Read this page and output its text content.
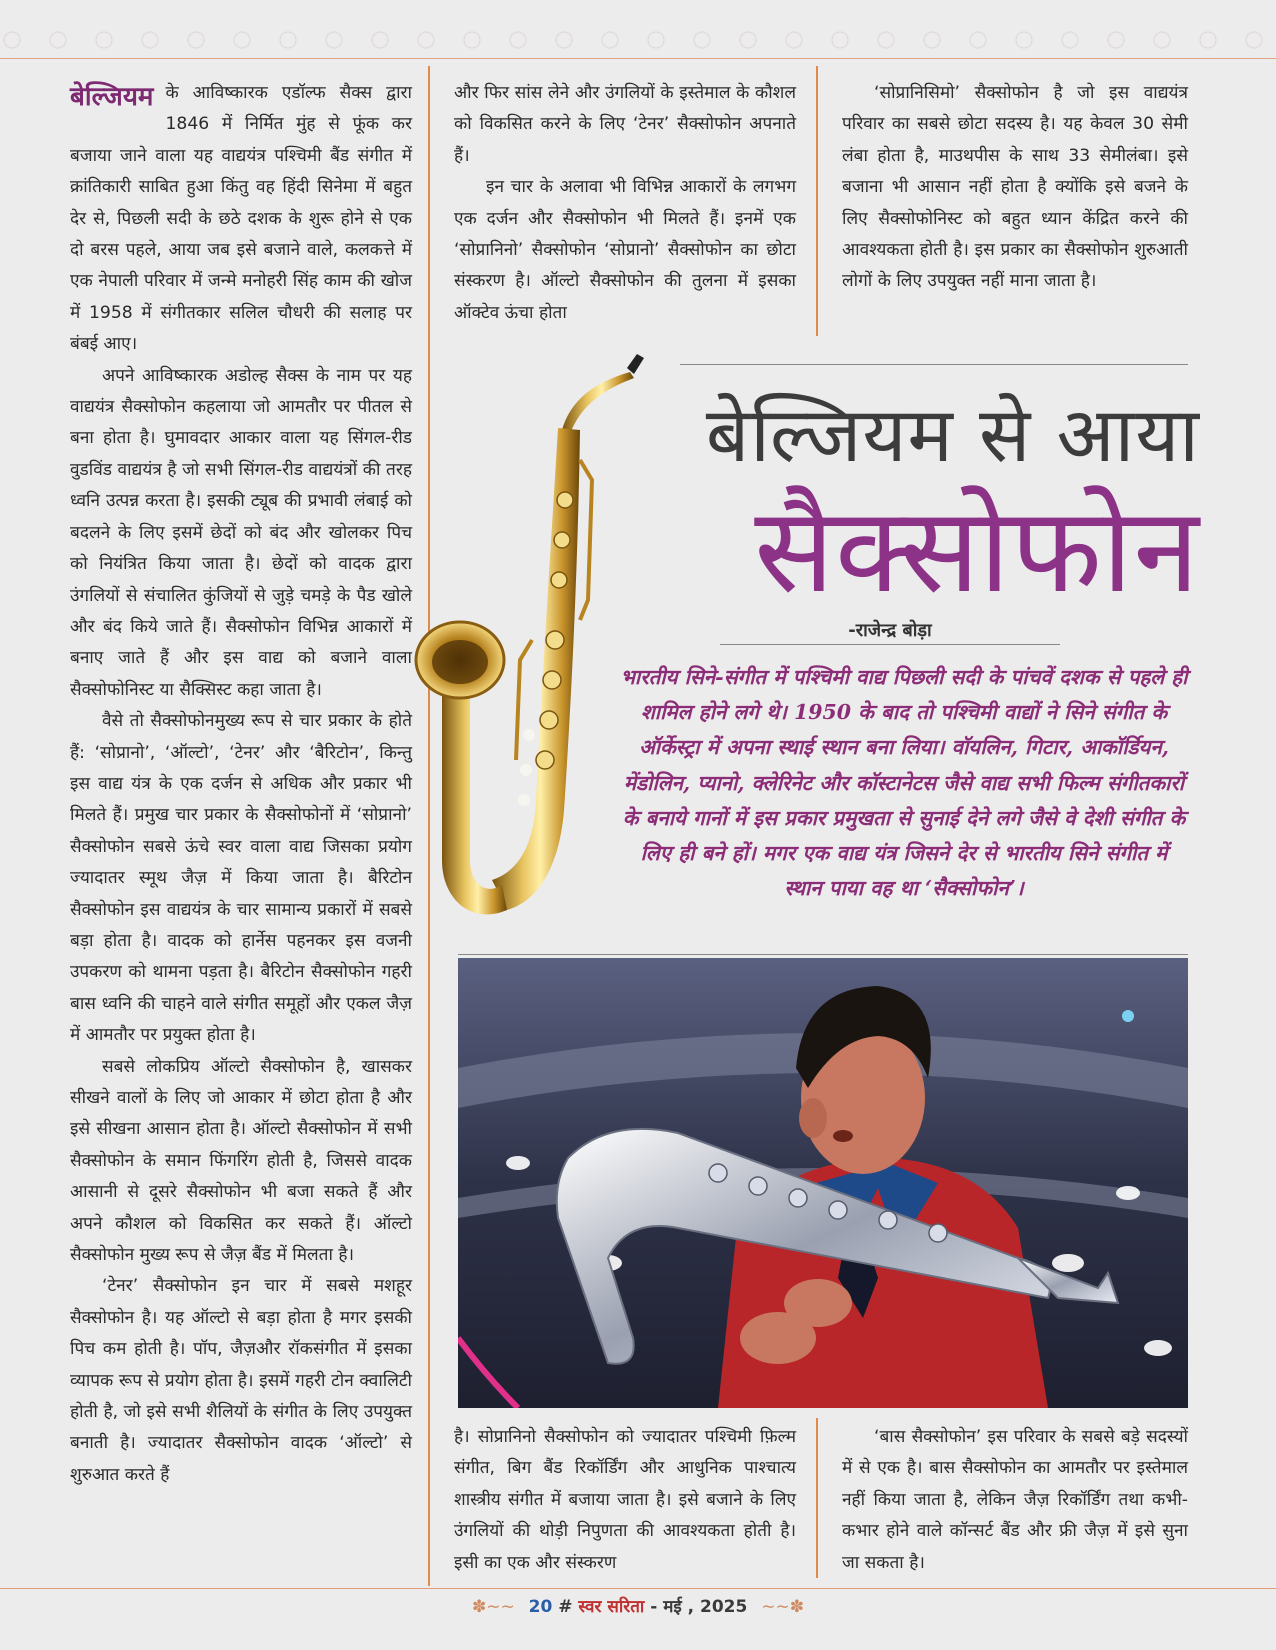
बेल्जियम के आविष्कारक एडॉल्फ सैक्स द्वारा 1846 में निर्मित मुंह से फूंक कर बजाया जाने वाला यह वाद्ययंत्र पश्चिमी बैंड संगीत में क्रांतिकारी साबित हुआ किंतु वह हिंदी सिनेमा में बहुत देर से, पिछली सदी के छठे दशक के शुरू होने से एक दो बरस पहले, आया जब इसे बजाने वाले, कलकत्ते में एक नेपाली परिवार में जन्मे मनोहरी सिंह काम की खोज में 1958 में संगीतकार सलिल चौधरी की सलाह पर बंबई आए।

अपने आविष्कारक अडोल्ह सैक्स के नाम पर यह वाद्ययंत्र सैक्सोफोन कहलाया जो आमतौर पर पीतल से बना होता है। घुमावदार आकार वाला यह सिंगल-रीड वुडविंड वाद्ययंत्र है जो सभी सिंगल-रीड वाद्ययंत्रों की तरह ध्वनि उत्पन्न करता है। इसकी ट्यूब की प्रभावी लंबाई को बदलने के लिए इसमें छेदों को बंद और खोलकर पिच को नियंत्रित किया जाता है। छेदों को वादक द्वारा उंगलियों से संचालित कुंजियों से जुड़े चमड़े के पैड खोले और बंद किये जाते हैं। सैक्सोफोन विभिन्न आकारों में बनाए जाते हैं और इस वाद्य को बजाने वाला सैक्सोफोनिस्ट या सैक्सिस्ट कहा जाता है।

वैसे तो सैक्सोफोनमुख्य रूप से चार प्रकार के होते हैं: ‘सोप्रानो’, ‘ऑल्टो’, ‘टेनर’ और ‘बैरिटोन’, किन्तु इस वाद्य यंत्र के एक दर्जन से अधिक और प्रकार भी मिलते हैं। प्रमुख चार प्रकार के सैक्सोफोनों में ‘सोप्रानो’ सैक्सोफोन सबसे ऊंचे स्वर वाला वाद्य जिसका प्रयोग ज्यादातर स्मूथ जैज़ में किया जाता है। बैरिटोन सैक्सोफोन इस वाद्ययंत्र के चार सामान्य प्रकारों में सबसे बड़ा होता है। वादक को हार्नेस पहनकर इस वजनी उपकरण को थामना पड़ता है। बैरिटोन सैक्सोफोन गहरी बास ध्वनि की चाहने वाले संगीत समूहों और एकल जैज़ में आमतौर पर प्रयुक्त होता है।

सबसे लोकप्रिय ऑल्टो सैक्सोफोन है, खासकर सीखने वालों के लिए जो आकार में छोटा होता है और इसे सीखना आसान होता है। ऑल्टो सैक्सोफोन में सभी सैक्सोफोन के समान फिंगरिंग होती है, जिससे वादक आसानी से दूसरे सैक्सोफोन भी बजा सकते हैं और अपने कौशल को विकसित कर सकते हैं। ऑल्टो सैक्सोफोन मुख्य रूप से जैज़ बैंड में मिलता है।

‘टेनर’ सैक्सोफोन इन चार में सबसे मशहूर सैक्सोफोन है। यह ऑल्टो से बड़ा होता है मगर इसकी पिच कम होती है। पॉप, जैज़और रॉकसंगीत में इसका व्यापक रूप से प्रयोग होता है। इसमें गहरी टोन क्वालिटी होती है, जो इसे सभी शैलियों के संगीत के लिए उपयुक्त बनाती है। ज्यादातर सैक्सोफोन वादक ‘ऑल्टो’ से शुरुआत करते हैं

और फिर सांस लेने और उंगलियों के इस्तेमाल के कौशल को विकसित करने के लिए ‘टेनर’ सैक्सोफोन अपनाते हैं।

इन चार के अलावा भी विभिन्न आकारों के लगभग एक दर्जन और सैक्सोफोन भी मिलते हैं। इनमें एक ‘सोप्रानिनो’ सैक्सोफोन ‘सोप्रानो’ सैक्सोफोन का छोटा संस्करण है। ऑल्टो सैक्सोफोन की तुलना में इसका ऑक्टेव ऊंचा होता

‘सोप्रानिसिमो’ सैक्सोफोन है जो इस वाद्ययंत्र परिवार का सबसे छोटा सदस्य है। यह केवल 30 सेमी लंबा होता है, माउथपीस के साथ 33 सेमीलंबा। इसे बजाना भी आसान नहीं होता है क्योंकि इसे बजने के लिए सैक्सोफोनिस्ट को बहुत ध्यान केंद्रित करने की आवश्यकता होती है। इस प्रकार का सैक्सोफोन शुरुआती लोगों के लिए उपयुक्त नहीं माना जाता है।

बेल्जियम से आया
सैक्सोफोन
-राजेन्द्र बोड़ा
भारतीय सिने-संगीत में पश्चिमी वाद्य पिछली सदी के पांचवें दशक से पहले ही शामिल होने लगे थे। 1950 के बाद तो पश्चिमी वाद्यों ने सिने संगीत के ऑर्केस्ट्रा में अपना स्थाई स्थान बना लिया। वॉयलिन, गिटार, आकॉर्डियन, मेंडोलिन, प्यानो, क्लेरिनेट और कॉस्टानेटस जैसे वाद्य सभी फिल्म संगीतकारों के बनाये गानों में इस प्रकार प्रमुखता से सुनाई देने लगे जैसे वे देशी संगीत के लिए ही बने हों। मगर एक वाद्य यंत्र जिसने देर से भारतीय सिने संगीत में स्थान पाया वह था ‘सैक्सोफोन’।

है। सोप्रानिनो सैक्सोफोन को ज्यादातर पश्चिमी फ़िल्म संगीत, बिग बैंड रिकॉर्डिंग और आधुनिक पाश्चात्य शास्त्रीय संगीत में बजाया जाता है। इसे बजाने के लिए उंगलियों की थोड़ी निपुणता की आवश्यकता होती है। इसी का एक और संस्करण

‘बास सैक्सोफोन’ इस परिवार के सबसे बड़े सदस्यों में से एक है। बास सैक्सोफोन का आमतौर पर इस्तेमाल नहीं किया जाता है, लेकिन जैज़ रिकॉर्डिंग तथा कभी-कभार होने वाले कॉन्सर्ट बैंड और फ्री जैज़ में इसे सुना जा सकता है।

✽∼∼ 20 # स्वर सरिता - मई , 2025 ∼∼✽
